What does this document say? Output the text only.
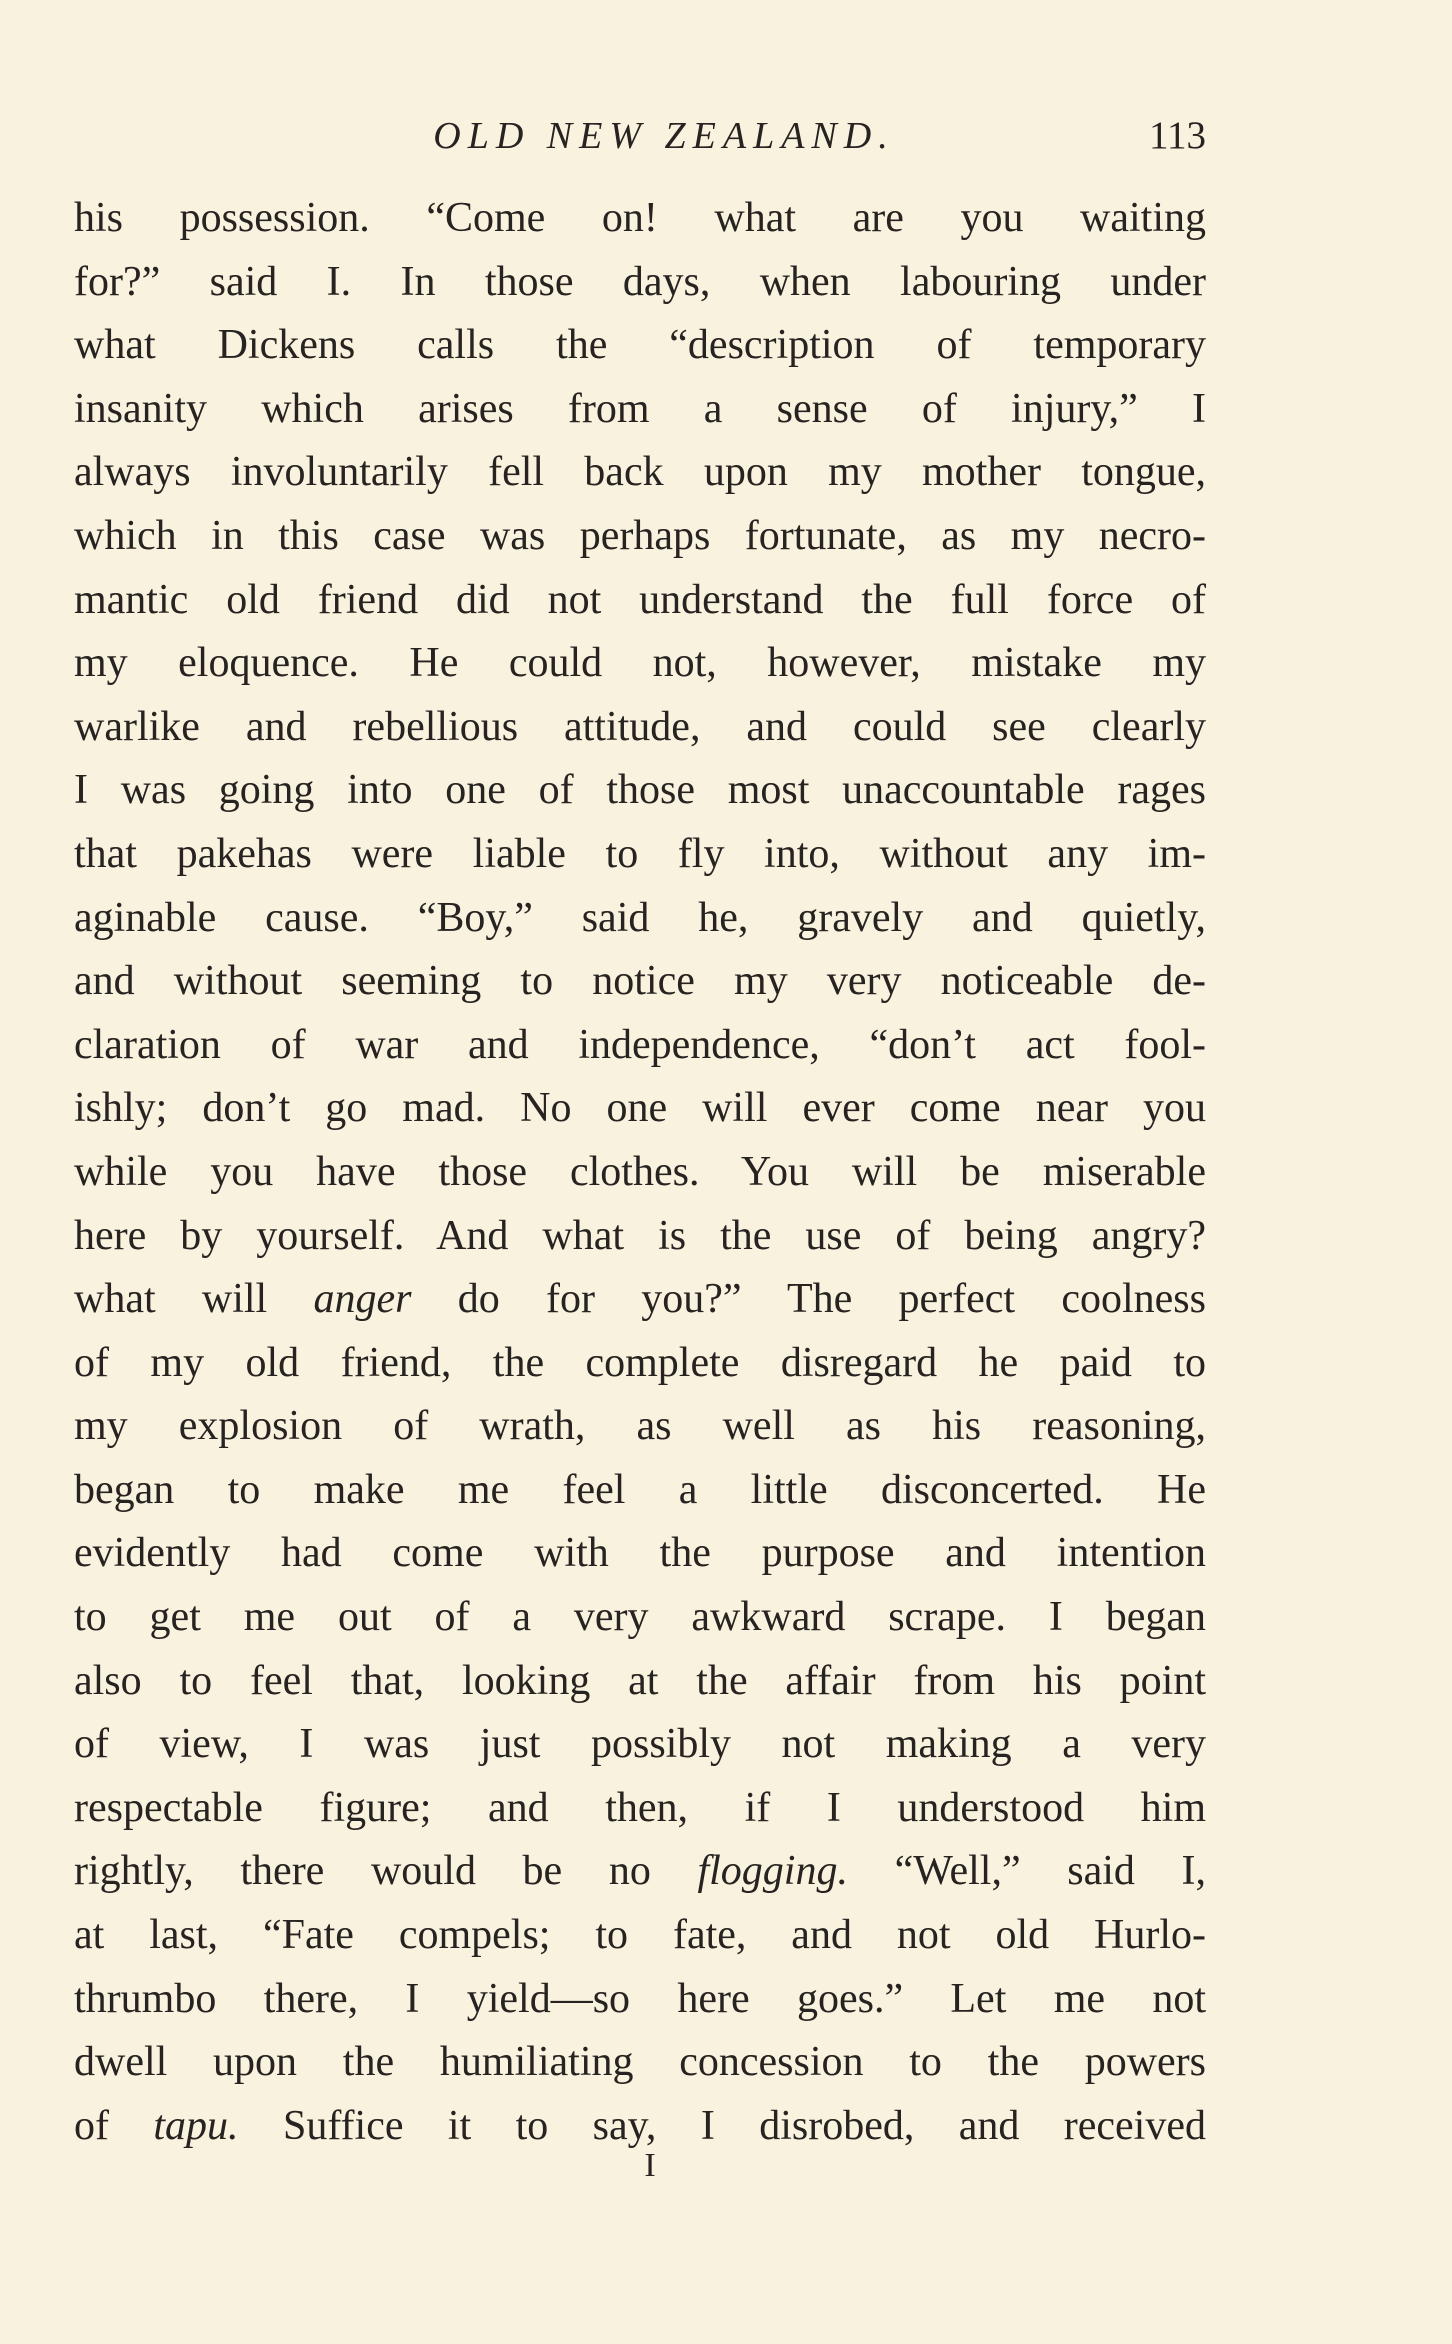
OLD NEW ZEALAND.	113
his possession. “Come on! what are you waiting
for?” said I. In those days, when labouring under
what Dickens calls the “description of temporary
insanity which arises from a sense of injury,” I
always involuntarily fell back upon my mother tongue,
which in this case was perhaps fortunate, as my necro-
mantic old friend did not understand the full force of
my eloquence. He could not, however, mistake my
warlike and rebellious attitude, and could see clearly
I was going into one of those most unaccountable rages
that pakehas were liable to fly into, without any im-
aginable cause. “Boy,” said he, gravely and quietly,
and without seeming to notice my very noticeable de-
claration of war and independence, “don’t act fool-
ishly; don’t go mad. No one will ever come near you
while you have those clothes. You will be miserable
here by yourself. And what is the use of being angry?
what will anger do for you?” The perfect coolness
of my old friend, the complete disregard he paid to
my explosion of wrath, as well as his reasoning,
began to make me feel a little disconcerted. He
evidently had come with the purpose and intention
to get me out of a very awkward scrape. I began
also to feel that, looking at the affair from his point
of view, I was just possibly not making a very
respectable figure; and then, if I understood him
rightly, there would be no flogging. “Well,” said I,
at last, “Fate compels; to fate, and not old Hurlo-
thrumbo there, I yield—so here goes.” Let me not
dwell upon the humiliating concession to the powers
of tapu. Suffice it to say, I disrobed, and received
I
